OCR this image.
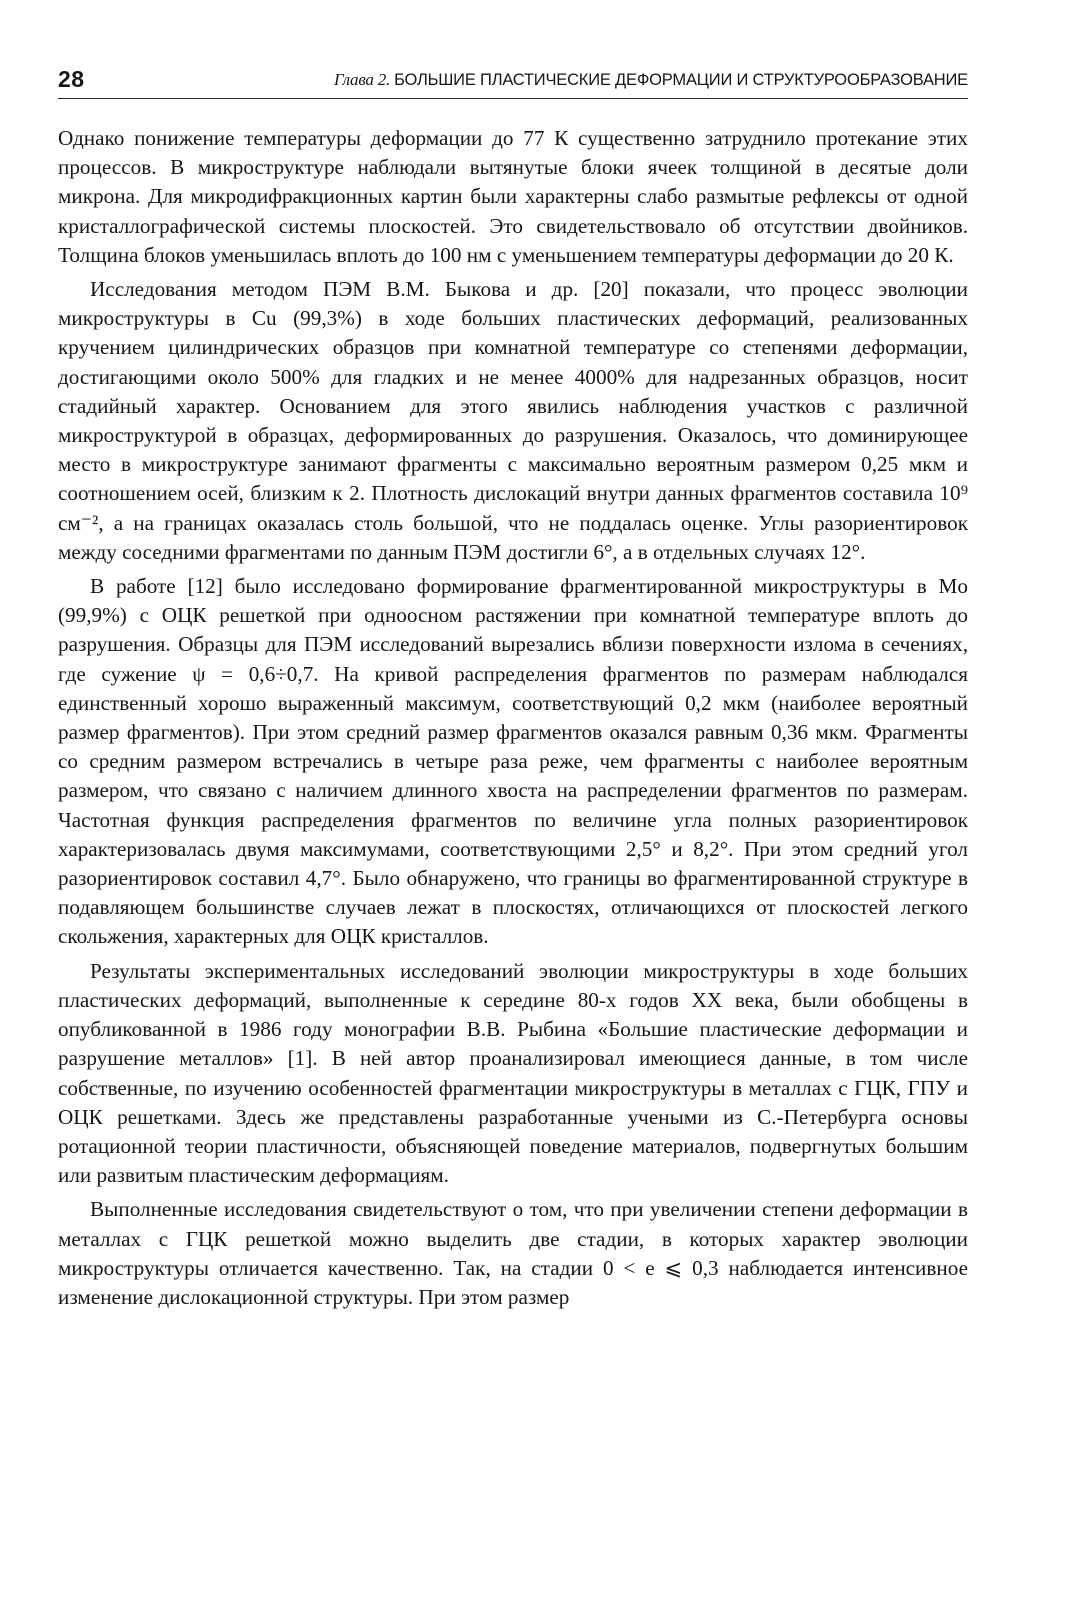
28	Глава 2. БОЛЬШИЕ ПЛАСТИЧЕСКИЕ ДЕФОРМАЦИИ И СТРУКТУРООБРАЗОВАНИЕ

Однако понижение температуры деформации до 77 К существенно затруднило протекание этих процессов. В микроструктуре наблюдали вытянутые блоки ячеек толщиной в десятые доли микрона. Для микродифракционных картин были характерны слабо размытые рефлексы от одной кристаллографической системы плоскостей. Это свидетельствовало об отсутствии двойников. Толщина блоков уменьшилась вплоть до 100 нм с уменьшением температуры деформации до 20 К.

Исследования методом ПЭМ В.М. Быкова и др. [20] показали, что процесс эволюции микроструктуры в Cu (99,3%) в ходе больших пластических деформаций, реализованных кручением цилиндрических образцов при комнатной температуре со степенями деформации, достигающими около 500% для гладких и не менее 4000% для надрезанных образцов, носит стадийный характер. Основанием для этого явились наблюдения участков с различной микроструктурой в образцах, деформированных до разрушения. Оказалось, что доминирующее место в микроструктуре занимают фрагменты с максимально вероятным размером 0,25 мкм и соотношением осей, близким к 2. Плотность дислокаций внутри данных фрагментов составила 10⁹ см⁻², а на границах оказалась столь большой, что не поддалась оценке. Углы разориентировок между соседними фрагментами по данным ПЭМ достигли 6°, а в отдельных случаях 12°.

В работе [12] было исследовано формирование фрагментированной микроструктуры в Mo (99,9%) с ОЦК решеткой при одноосном растяжении при комнатной температуре вплоть до разрушения. Образцы для ПЭМ исследований вырезались вблизи поверхности излома в сечениях, где сужение ψ = 0,6÷0,7. На кривой распределения фрагментов по размерам наблюдался единственный хорошо выраженный максимум, соответствующий 0,2 мкм (наиболее вероятный размер фрагментов). При этом средний размер фрагментов оказался равным 0,36 мкм. Фрагменты со средним размером встречались в четыре раза реже, чем фрагменты с наиболее вероятным размером, что связано с наличием длинного хвоста на распределении фрагментов по размерам. Частотная функция распределения фрагментов по величине угла полных разориентировок характеризовалась двумя максимумами, соответствующими 2,5° и 8,2°. При этом средний угол разориентировок составил 4,7°. Было обнаружено, что границы во фрагментированной структуре в подавляющем большинстве случаев лежат в плоскостях, отличающихся от плоскостей легкого скольжения, характерных для ОЦК кристаллов.

Результаты экспериментальных исследований эволюции микроструктуры в ходе больших пластических деформаций, выполненные к середине 80-х годов XX века, были обобщены в опубликованной в 1986 году монографии В.В. Рыбина «Большие пластические деформации и разрушение металлов» [1]. В ней автор проанализировал имеющиеся данные, в том числе собственные, по изучению особенностей фрагментации микроструктуры в металлах с ГЦК, ГПУ и ОЦК решетками. Здесь же представлены разработанные учеными из С.-Петербурга основы ротационной теории пластичности, объясняющей поведение материалов, подвергнутых большим или развитым пластическим деформациям.

Выполненные исследования свидетельствуют о том, что при увеличении степени деформации в металлах с ГЦК решеткой можно выделить две стадии, в которых характер эволюции микроструктуры отличается качественно. Так, на стадии 0 < e ⩽ 0,3 наблюдается интенсивное изменение дислокационной структуры. При этом размер
